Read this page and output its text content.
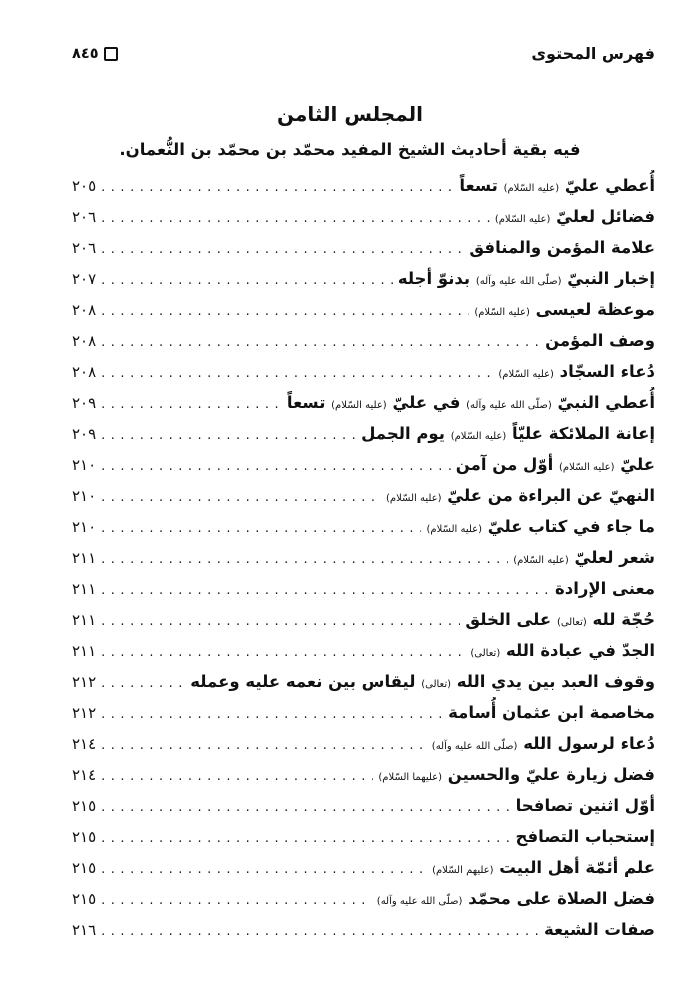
فهرس المحتوى
٨٤٥
المجلس الثامن
فيه بقية أحاديث الشيخ المفيد محمّد بن محمّد بن النُّعمان.
أُعطي عليّ (عليه السّلام) تسعاً
.....
٢٠٥
فضائل لعليّ (عليه السّلام)
.....
٢٠٦
علامة المؤمن والمنافق
.....
٢٠٦
إخبار النبيّ (صلّى الله عليه وآله) بدنوّ أجله
.....
٢٠٧
موعظة لعيسى (عليه السّلام)
.....
٢٠٨
وصف المؤمن
.....
٢٠٨
دُعاء السجّاد (عليه السّلام)
.....
٢٠٨
أُعطي النبيّ (صلّى الله عليه وآله) في عليّ (عليه السّلام) تسعاً
.....
٢٠٩
إعانة الملائكة عليّاً (عليه السّلام) يوم الجمل
.....
٢٠٩
عليّ (عليه السّلام) أوّل من آمن
.....
٢١٠
النهيّ عن البراءة من عليّ (عليه السّلام)
.....
٢١٠
ما جاء في كتاب عليّ (عليه السّلام)
.....
٢١٠
شعر لعليّ (عليه السّلام)
.....
٢١١
معنى الإرادة
.....
٢١١
حُجّة لله (تعالى) على الخلق
.....
٢١١
الجدّ في عبادة الله (تعالى)
.....
٢١١
وقوف العبد بين يدي الله (تعالى) ليقاس بين نعمه عليه وعمله
.....
٢١٢
مخاصمة ابن عثمان أُسامة
.....
٢١٢
دُعاء لرسول الله (صلّى الله عليه وآله)
.....
٢١٤
فضل زيارة عليّ والحسين (عليهما السّلام)
.....
٢١٤
أوّل اثنين تصافحا
.....
٢١٥
إستحباب التصافح
.....
٢١٥
علم أئمّة أهل البيت (عليهم السّلام)
.....
٢١٥
فضل الصلاة على محمّد (صلّى الله عليه وآله)
.....
٢١٥
صفات الشيعة
.....
٢١٦
